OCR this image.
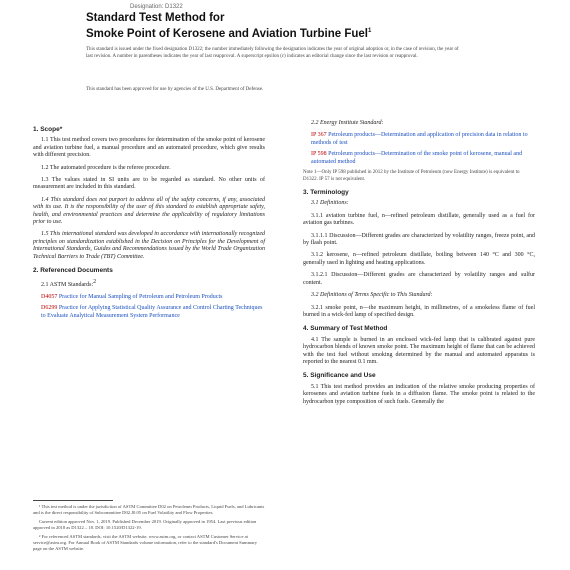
Designation: D1322
Standard Test Method for
Smoke Point of Kerosene and Aviation Turbine Fuel$^1$
This standard is issued under the fixed designation D1322; the number immediately following the designation indicates the year of original adoption or, in the case of revision, the year of last revision. A number in parentheses indicates the year of last reapproval. A superscript epsilon (ε) indicates an editorial change since the last revision or reapproval.
This standard has been approved for use by agencies of the U.S. Department of Defense.
1. Scope*

1.1 This test method covers two procedures for determination of the smoke point of kerosene and aviation turbine fuel, a manual procedure and an automated procedure, which give results with different precision.

1.2 The automated procedure is the referee procedure.

1.3 The values stated in SI units are to be regarded as standard. No other units of measurement are included in this standard.

1.4 This standard does not purport to address all of the safety concerns, if any, associated with its use. It is the responsibility of the user of this standard to establish appropriate safety, health, and environmental practices and determine the applicability of regulatory limitations prior to use.

1.5 This international standard was developed in accordance with internationally recognized principles on standardization established in the Decision on Principles for the Development of International Standards, Guides and Recommendations issued by the World Trade Organization Technical Barriers to Trade (TBT) Committee.

2. Referenced Documents

2.1 ASTM Standards:2

D4057 Practice for Manual Sampling of Petroleum and Petroleum Products
D6299 Practice for Applying Statistical Quality Assurance and Control Charting Techniques to Evaluate Analytical Measurement System Performance

¹ This test method is under the jurisdiction of ASTM Committee D02 on Petroleum Products, Liquid Fuels, and Lubricants and is the direct responsibility of Subcommittee D02.J0.05 on Fuel Volatility and Flow Properties.

Current edition approved Nov. 1, 2019. Published December 2019. Originally approved in 1954. Last previous edition approved in 2018 as D1322 – 18. DOI: 10.1520/D1322-19.

² For referenced ASTM standards, visit the ASTM website, www.astm.org, or contact ASTM Customer Service at service@astm.org. For Annual Book of ASTM Standards volume information, refer to the standard's Document Summary page on the ASTM website.

2.2 Energy Institute Standard:

IP 367 Petroleum products—Determination and application of precision data in relation to methods of test
IP 598 Petroleum products—Determination of the smoke point of kerosene, manual and automated method
Note 1—Only IP 598 published in 2012 by the Institute of Petroleum (now Energy Institute) is equivalent to D1322. IP 57 is not equivalent.
3. Terminology

3.1 Definitions:

3.1.1 aviation turbine fuel, n—refined petroleum distillate, generally used as a fuel for aviation gas turbines.

3.1.1.1 Discussion—Different grades are characterized by volatility ranges, freeze point, and by flash point.

3.1.2 kerosene, n—refined petroleum distillate, boiling between 140 °C and 300 °C, generally used in lighting and heating applications.

3.1.2.1 Discussion—Different grades are characterized by volatility ranges and sulfur content.

3.2 Definitions of Terms Specific to This Standard:

3.2.1 smoke point, n—the maximum height, in millimetres, of a smokeless flame of fuel burned in a wick-fed lamp of specified design.

4. Summary of Test Method

4.1 The sample is burned in an enclosed wick-fed lamp that is calibrated against pure hydrocarbon blends of known smoke point. The maximum height of flame that can be achieved with the test fuel without smoking determined by the manual and automated apparatus is reported to the nearest 0.1 mm.

5. Significance and Use

5.1 This test method provides an indication of the relative smoke producing properties of kerosenes and aviation turbine fuels in a diffusion flame. The smoke point is related to the hydrocarbon type composition of such fuels. Generally the
